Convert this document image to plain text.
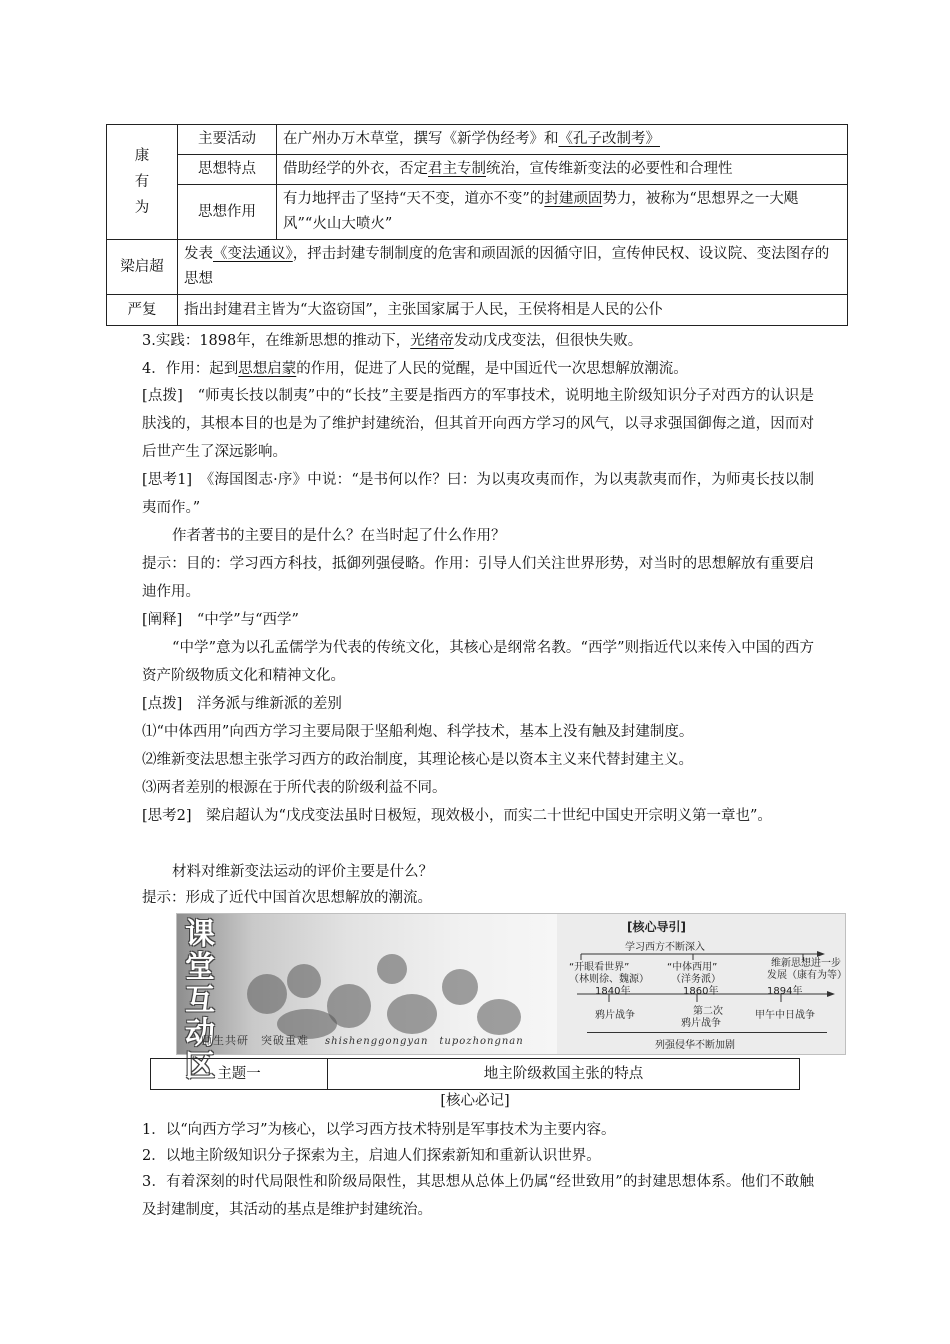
康
有
为	主要活动	在广州办万木草堂，撰写《新学伪经考》和《孔子改制考》
	思想特点	借助经学的外衣，否定君主专制统治，宣传维新变法的必要性和合理性
	思想作用	有力地抨击了坚持“天不变，道亦不变”的封建顽固势力，被称为“思想界之一大飓风”“火山大喷火”
梁启超	发表《变法通议》，抨击封建专制制度的危害和顽固派的因循守旧，宣传伸民权、设议院、变法图存的思想	
严复	指出封建君主皆为“大盗窃国”，主张国家属于人民，王侯将相是人民的公仆	
3.实践：1898年，在维新思想的推动下，光绪帝发动戊戌变法，但很快失败。
4．作用：起到思想启蒙的作用，促进了人民的觉醒，是中国近代一次思想解放潮流。
[点拨]　“师夷长技以制夷”中的“长技”主要是指西方的军事技术，说明地主阶级知识分子对西方的认识是肤浅的，其根本目的也是为了维护封建统治，但其首开向西方学习的风气，以寻求强国御侮之道，因而对后世产生了深远影响。
[思考1]　《海国图志·序》中说：“是书何以作？曰：为以夷攻夷而作，为以夷款夷而作，为师夷长技以制夷而作。”
作者著书的主要目的是什么？在当时起了什么作用？
提示：目的：学习西方科技，抵御列强侵略。作用：引导人们关注世界形势，对当时的思想解放有重要启迪作用。
[阐释]　“中学”与“西学”
“中学”意为以孔孟儒学为代表的传统文化，其核心是纲常名教。“西学”则指近代以来传入中国的西方资产阶级物质文化和精神文化。
[点拨]　洋务派与维新派的差别
⑴“中体西用”向西方学习主要局限于坚船利炮、科学技术，基本上没有触及封建制度。
⑵维新变法思想主张学习西方的政治制度，其理论核心是以资本主义来代替封建主义。
⑶两者差别的根源在于所代表的阶级利益不同。
[思考2]　梁启超认为“戊戌变法虽时日极短，现效极小，而实二十世纪中国史开宗明义第一章也”。
材料对维新变法运动的评价主要是什么？
提示：形成了近代中国首次思想解放的潮流。
课堂互动区
师生共研　突破重难 shishenggongyan　tupozhongnan
[核心导引]
学习西方不断深入
“开眼看世界”
（林则徐、魏源）
“中体西用”
（洋务派）
维新思想进一步
发展（康有为等）
1840年	1860年	1894年
鸦片战争	第二次
鸦片战争
甲午中日战争
列强侵华不断加剧
主题一	地主阶级救国主张的特点
[核心必记]
1．以“向西方学习”为核心，以学习西方技术特别是军事技术为主要内容。
2．以地主阶级知识分子探索为主，启迪人们探索新知和重新认识世界。
3．有着深刻的时代局限性和阶级局限性，其思想从总体上仍属“经世致用”的封建思想体系。他们不敢触及封建制度，其活动的基点是维护封建统治。
